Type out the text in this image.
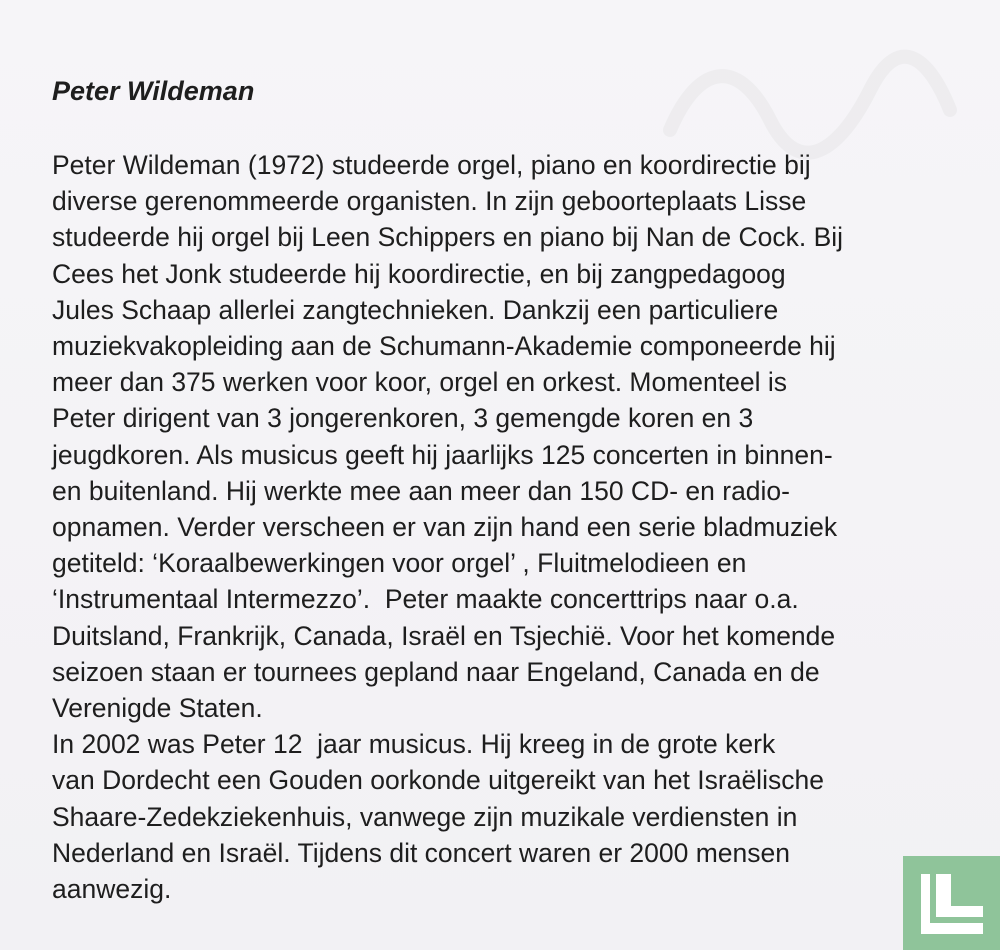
Peter Wildeman

Peter Wildeman (1972) studeerde orgel, piano en koordirectie bij
diverse gerenommeerde organisten. In zijn geboorteplaats Lisse
studeerde hij orgel bij Leen Schippers en piano bij Nan de Cock. Bij
Cees het Jonk studeerde hij koordirectie, en bij zangpedagoog
Jules Schaap allerlei zangtechnieken. Dankzij een particuliere
muziekvakopleiding aan de Schumann-Akademie componeerde hij
meer dan 375 werken voor koor, orgel en orkest. Momenteel is
Peter dirigent van 3 jongerenkoren, 3 gemengde koren en 3
jeugdkoren. Als musicus geeft hij jaarlijks 125 concerten in binnen-
en buitenland. Hij werkte mee aan meer dan 150 CD- en radio-
opnamen. Verder verscheen er van zijn hand een serie bladmuziek
getiteld: ‘Koraalbewerkingen voor orgel’ , Fluitmelodieen en
‘Instrumentaal Intermezzo’.  Peter maakte concerttrips naar o.a.
Duitsland, Frankrijk, Canada, Israël en Tsjechië. Voor het komende
seizoen staan er tournees gepland naar Engeland, Canada en de
Verenigde Staten.
In 2002 was Peter 12  jaar musicus. Hij kreeg in de grote kerk
van Dordecht een Gouden oorkonde uitgereikt van het Israëlische
Shaare-Zedekziekenhuis, vanwege zijn muzikale verdiensten in
Nederland en Israël. Tijdens dit concert waren er 2000 mensen
aanwezig.
